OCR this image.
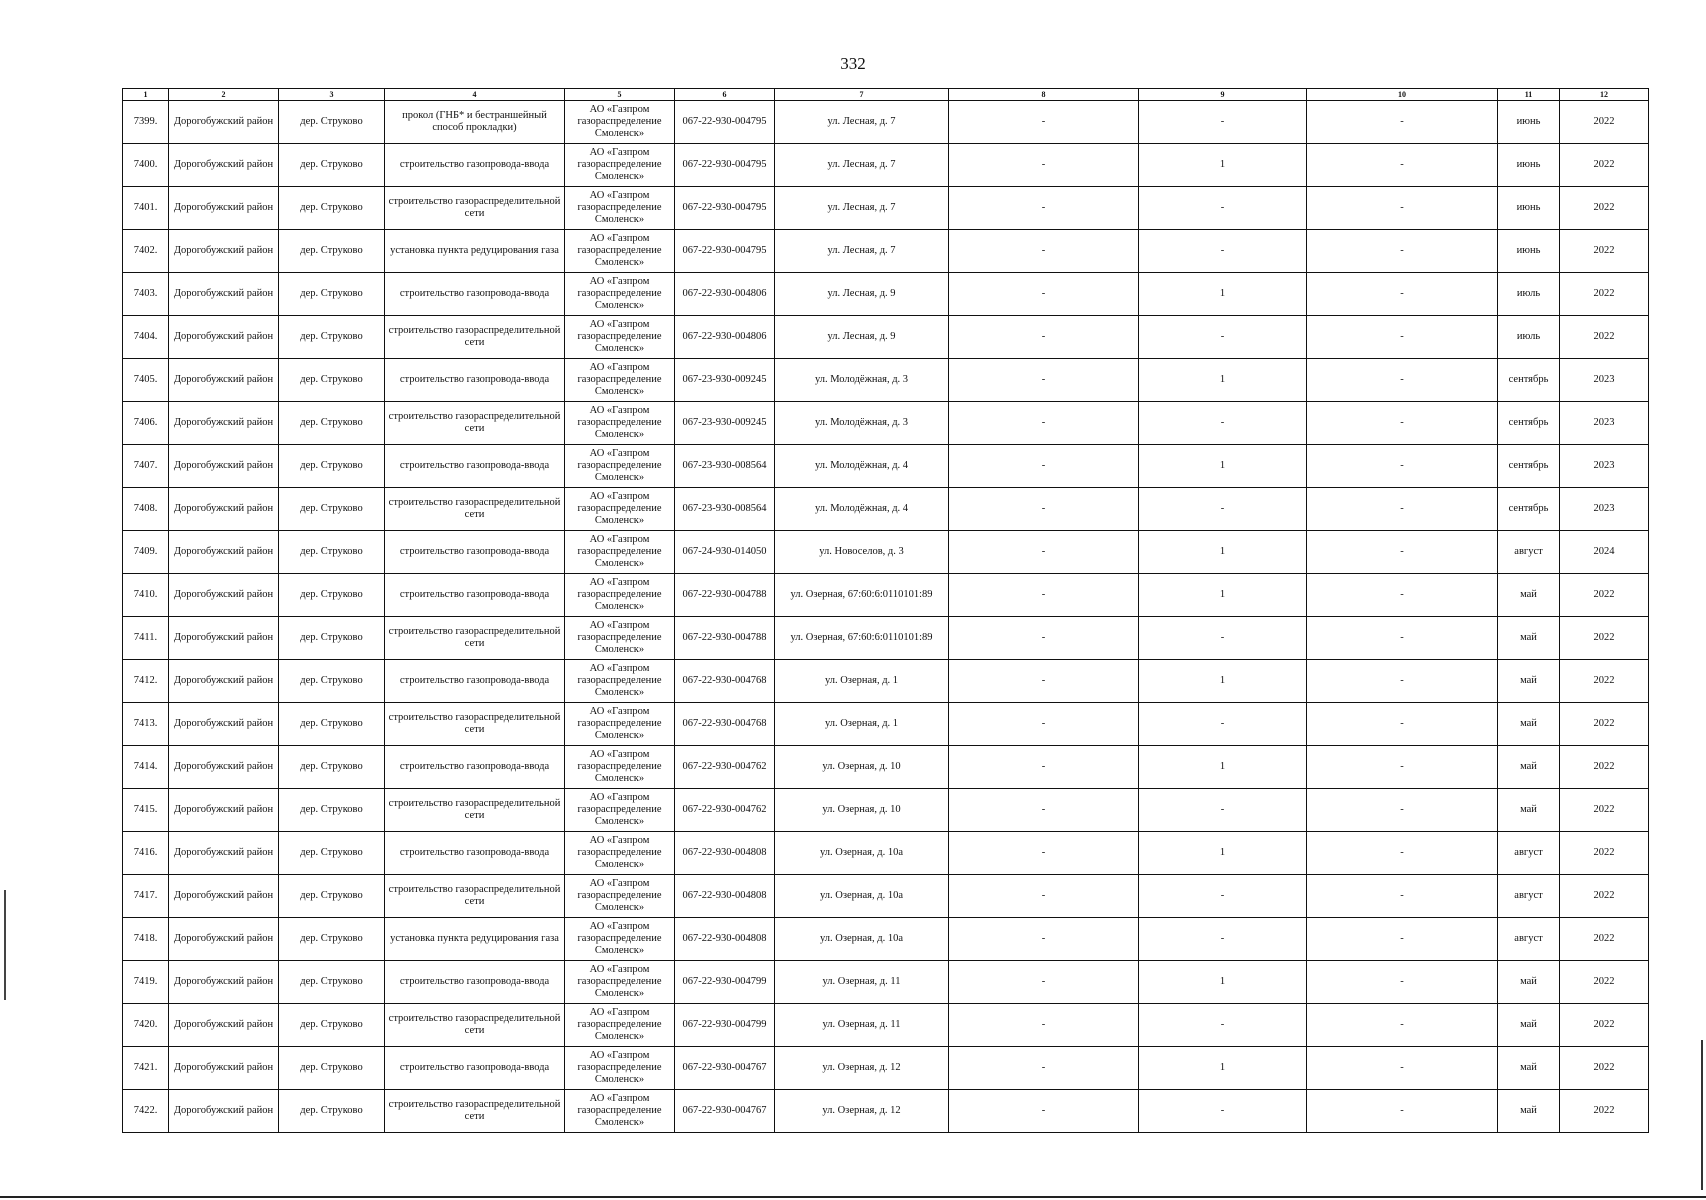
332
1	2	3	4	5	6	7	8	9	10	11	12
7399.	Дорогобужский район	дер. Струково	прокол (ГНБ* и бестраншейный способ прокладки)	АО «Газпром газораспределение Смоленск»	067-22-930-004795	ул. Лесная, д. 7	-	-	-	июнь	2022
7400.	Дорогобужский район	дер. Струково	строительство газопровода-ввода	АО «Газпром газораспределение Смоленск»	067-22-930-004795	ул. Лесная, д. 7	-	1	-	июнь	2022
7401.	Дорогобужский район	дер. Струково	строительство газораспределительной сети	АО «Газпром газораспределение Смоленск»	067-22-930-004795	ул. Лесная, д. 7	-	-	-	июнь	2022
7402.	Дорогобужский район	дер. Струково	установка пункта редуцирования газа	АО «Газпром газораспределение Смоленск»	067-22-930-004795	ул. Лесная, д. 7	-	-	-	июнь	2022
7403.	Дорогобужский район	дер. Струково	строительство газопровода-ввода	АО «Газпром газораспределение Смоленск»	067-22-930-004806	ул. Лесная, д. 9	-	1	-	июль	2022
7404.	Дорогобужский район	дер. Струково	строительство газораспределительной сети	АО «Газпром газораспределение Смоленск»	067-22-930-004806	ул. Лесная, д. 9	-	-	-	июль	2022
7405.	Дорогобужский район	дер. Струково	строительство газопровода-ввода	АО «Газпром газораспределение Смоленск»	067-23-930-009245	ул. Молодёжная, д. 3	-	1	-	сентябрь	2023
7406.	Дорогобужский район	дер. Струково	строительство газораспределительной сети	АО «Газпром газораспределение Смоленск»	067-23-930-009245	ул. Молодёжная, д. 3	-	-	-	сентябрь	2023
7407.	Дорогобужский район	дер. Струково	строительство газопровода-ввода	АО «Газпром газораспределение Смоленск»	067-23-930-008564	ул. Молодёжная, д. 4	-	1	-	сентябрь	2023
7408.	Дорогобужский район	дер. Струково	строительство газораспределительной сети	АО «Газпром газораспределение Смоленск»	067-23-930-008564	ул. Молодёжная, д. 4	-	-	-	сентябрь	2023
7409.	Дорогобужский район	дер. Струково	строительство газопровода-ввода	АО «Газпром газораспределение Смоленск»	067-24-930-014050	ул. Новоселов, д. 3	-	1	-	август	2024
7410.	Дорогобужский район	дер. Струково	строительство газопровода-ввода	АО «Газпром газораспределение Смоленск»	067-22-930-004788	ул. Озерная, 67:60:6:0110101:89	-	1	-	май	2022
7411.	Дорогобужский район	дер. Струково	строительство газораспределительной сети	АО «Газпром газораспределение Смоленск»	067-22-930-004788	ул. Озерная, 67:60:6:0110101:89	-	-	-	май	2022
7412.	Дорогобужский район	дер. Струково	строительство газопровода-ввода	АО «Газпром газораспределение Смоленск»	067-22-930-004768	ул. Озерная, д. 1	-	1	-	май	2022
7413.	Дорогобужский район	дер. Струково	строительство газораспределительной сети	АО «Газпром газораспределение Смоленск»	067-22-930-004768	ул. Озерная, д. 1	-	-	-	май	2022
7414.	Дорогобужский район	дер. Струково	строительство газопровода-ввода	АО «Газпром газораспределение Смоленск»	067-22-930-004762	ул. Озерная, д. 10	-	1	-	май	2022
7415.	Дорогобужский район	дер. Струково	строительство газораспределительной сети	АО «Газпром газораспределение Смоленск»	067-22-930-004762	ул. Озерная, д. 10	-	-	-	май	2022
7416.	Дорогобужский район	дер. Струково	строительство газопровода-ввода	АО «Газпром газораспределение Смоленск»	067-22-930-004808	ул. Озерная, д. 10а	-	1	-	август	2022
7417.	Дорогобужский район	дер. Струково	строительство газораспределительной сети	АО «Газпром газораспределение Смоленск»	067-22-930-004808	ул. Озерная, д. 10а	-	-	-	август	2022
7418.	Дорогобужский район	дер. Струково	установка пункта редуцирования газа	АО «Газпром газораспределение Смоленск»	067-22-930-004808	ул. Озерная, д. 10а	-	-	-	август	2022
7419.	Дорогобужский район	дер. Струково	строительство газопровода-ввода	АО «Газпром газораспределение Смоленск»	067-22-930-004799	ул. Озерная, д. 11	-	1	-	май	2022
7420.	Дорогобужский район	дер. Струково	строительство газораспределительной сети	АО «Газпром газораспределение Смоленск»	067-22-930-004799	ул. Озерная, д. 11	-	-	-	май	2022
7421.	Дорогобужский район	дер. Струково	строительство газопровода-ввода	АО «Газпром газораспределение Смоленск»	067-22-930-004767	ул. Озерная, д. 12	-	1	-	май	2022
7422.	Дорогобужский район	дер. Струково	строительство газораспределительной сети	АО «Газпром газораспределение Смоленск»	067-22-930-004767	ул. Озерная, д. 12	-	-	-	май	2022
